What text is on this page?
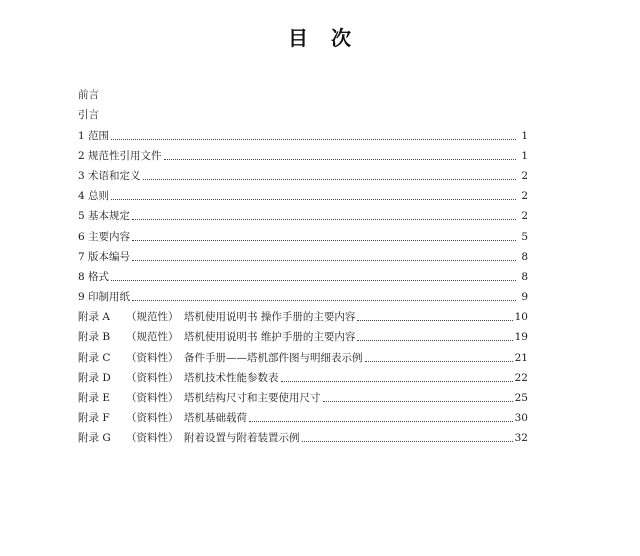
目 次
前言
引言
1 范围	1
2 规范性引用文件	1
3 术语和定义	2
4 总则	2
5 基本规定	2
6 主要内容	5
7 版本编号	8
8 格式	8
9 印制用纸	9
附录 A	（规范性） 塔机使用说明书 操作手册的主要内容	10
附录 B	（规范性） 塔机使用说明书 维护手册的主要内容	19
附录 C	（资料性） 备件手册——塔机部件图与明细表示例	21
附录 D	（资料性） 塔机技术性能参数表	22
附录 E	（资料性） 塔机结构尺寸和主要使用尺寸	25
附录 F	（资料性） 塔机基础载荷	30
附录 G	（资料性） 附着设置与附着装置示例	32
